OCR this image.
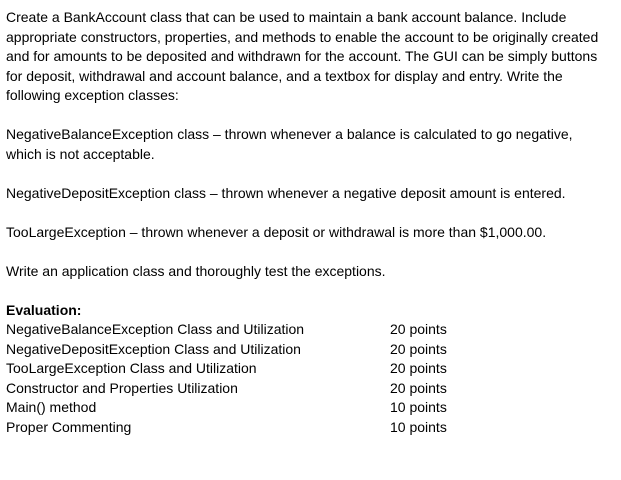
Create a BankAccount class that can be used to maintain a bank account balance. Include appropriate constructors, properties, and methods to enable the account to be originally created and for amounts to be deposited and withdrawn for the account. The GUI can be simply buttons for deposit, withdrawal and account balance, and a textbox for display and entry. Write the following exception classes:

NegativeBalanceException class – thrown whenever a balance is calculated to go negative, which is not acceptable.

NegativeDepositException class – thrown whenever a negative deposit amount is entered.

TooLargeException – thrown whenever a deposit or withdrawal is more than $1,000.00.

Write an application class and thoroughly test the exceptions.

Evaluation:

NegativeBalanceException Class and Utilization	20 points
NegativeDepositException Class and Utilization	20 points
TooLargeException Class and Utilization	20 points
Constructor and Properties Utilization	20 points
Main() method	10 points
Proper Commenting	10 points
